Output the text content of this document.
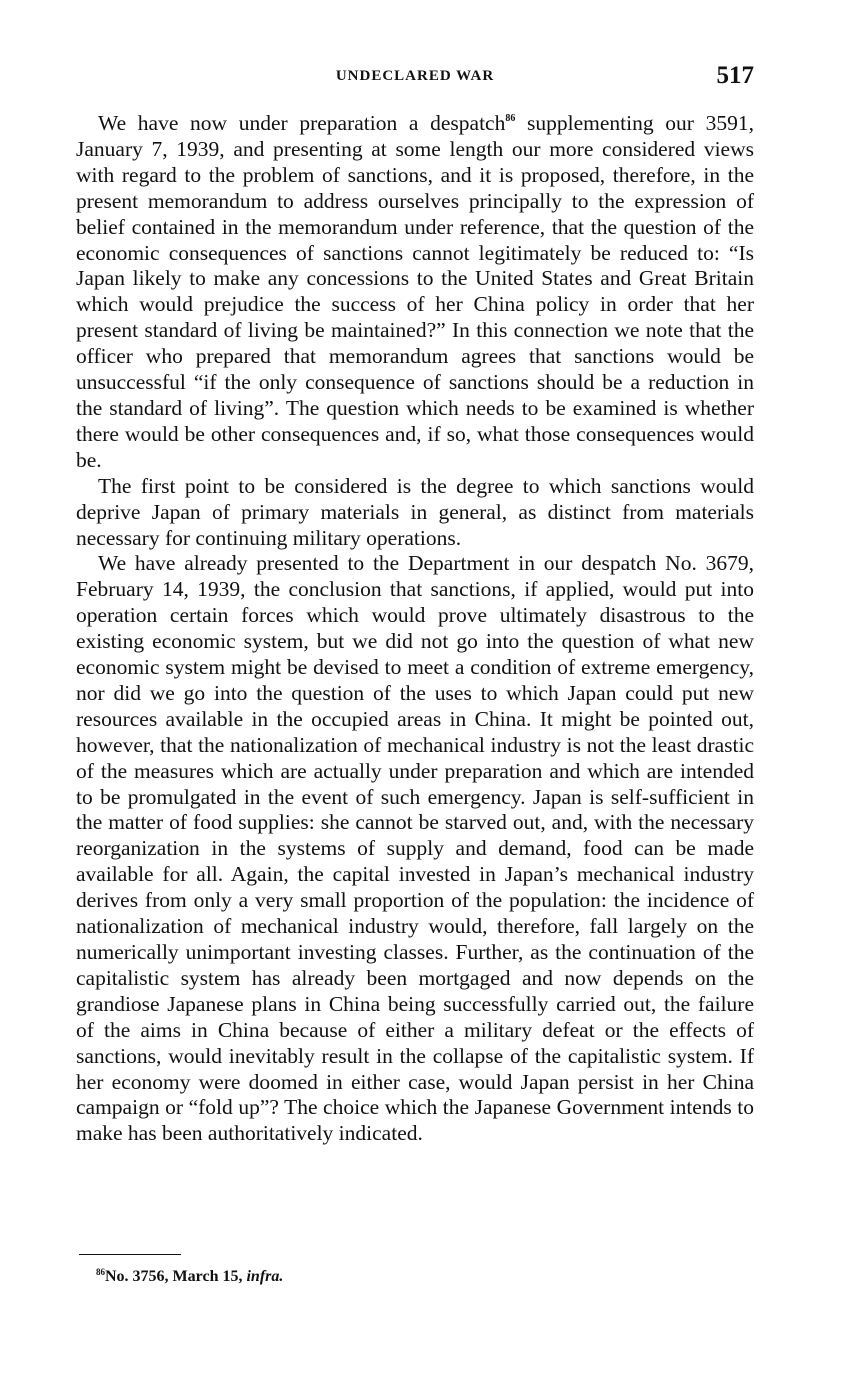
UNDECLARED WAR	517

We have now under preparation a despatch$^{86}$ supplementing our 3591, January 7, 1939, and presenting at some length our more considered views with regard to the problem of sanctions, and it is proposed, therefore, in the present memorandum to address ourselves principally to the expression of belief contained in the memorandum under reference, that the question of the economic consequences of sanctions cannot legitimately be reduced to: “Is Japan likely to make any concessions to the United States and Great Britain which would prejudice the success of her China policy in order that her present standard of living be maintained?” In this connection we note that the officer who prepared that memorandum agrees that sanctions would be unsuccessful “if the only consequence of sanctions should be a reduction in the standard of living”. The question which needs to be examined is whether there would be other consequences and, if so, what those consequences would be.

The first point to be considered is the degree to which sanctions would deprive Japan of primary materials in general, as distinct from materials necessary for continuing military operations.

We have already presented to the Department in our despatch No. 3679, February 14, 1939, the conclusion that sanctions, if applied, would put into operation certain forces which would prove ultimately disastrous to the existing economic system, but we did not go into the question of what new economic system might be devised to meet a condition of extreme emergency, nor did we go into the question of the uses to which Japan could put new resources available in the occupied areas in China. It might be pointed out, however, that the nationalization of mechanical industry is not the least drastic of the measures which are actually under preparation and which are intended to be promulgated in the event of such emergency. Japan is self-sufficient in the matter of food supplies: she cannot be starved out, and, with the necessary reorganization in the systems of supply and demand, food can be made available for all. Again, the capital invested in Japan’s mechanical industry derives from only a very small proportion of the population: the incidence of nationalization of mechanical industry would, therefore, fall largely on the numerically unimportant investing classes. Further, as the continuation of the capitalistic system has already been mortgaged and now depends on the grandiose Japanese plans in China being successfully carried out, the failure of the aims in China because of either a military defeat or the effects of sanctions, would inevitably result in the collapse of the capitalistic system. If her economy were doomed in either case, would Japan persist in her China campaign or “fold up”? The choice which the Japanese Government intends to make has been authoritatively indicated.

$^{86}$No. 3756, March 15, infra.
